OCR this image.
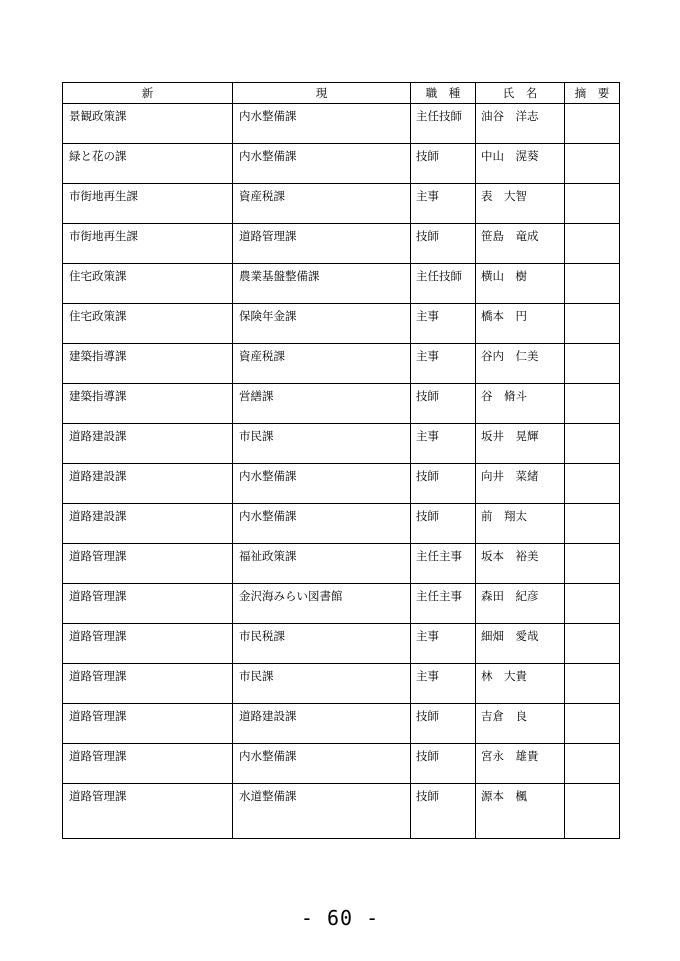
新	現	職　種	氏　名	摘　要
景観政策課	内水整備課	主任技師	油谷　洋志	
緑と花の課	内水整備課	技師	中山　滉葵	
市街地再生課	資産税課	主事	表　大智	
市街地再生課	道路管理課	技師	笹島　竜成	
住宅政策課	農業基盤整備課	主任技師	横山　樹	
住宅政策課	保険年金課	主事	橋本　円	
建築指導課	資産税課	主事	谷内　仁美	
建築指導課	営繕課	技師	谷　脩斗	
道路建設課	市民課	主事	坂井　晃輝	
道路建設課	内水整備課	技師	向井　菜緒	
道路建設課	内水整備課	技師	前　翔太	
道路管理課	福祉政策課	主任主事	坂本　裕美	
道路管理課	金沢海みらい図書館	主任主事	森田　紀彦	
道路管理課	市民税課	主事	細畑　愛哉	
道路管理課	市民課	主事	林　大貴	
道路管理課	道路建設課	技師	吉倉　良	
道路管理課	内水整備課	技師	宮永　雄貴	
道路管理課	水道整備課	技師	源本　楓	
- 60 -
